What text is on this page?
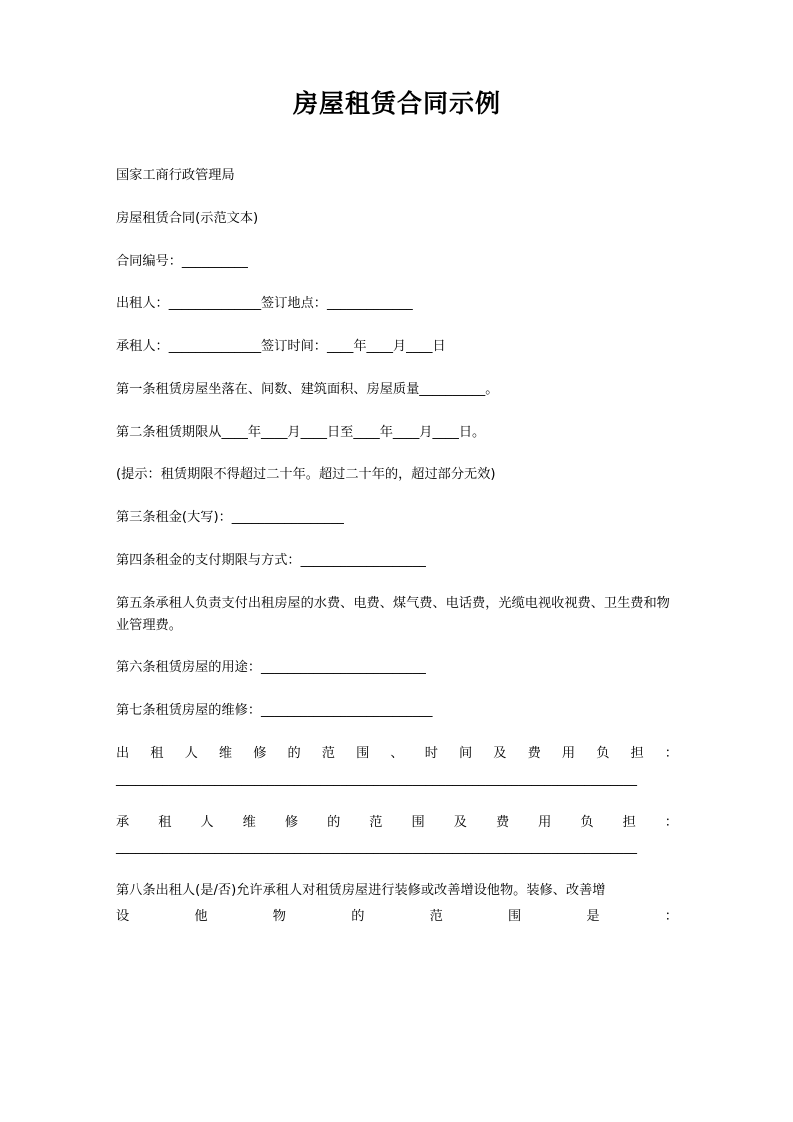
房屋租赁合同示例

国家工商行政管理局

房屋租赁合同(示范文本)

合同编号：__________

出租人：______________签订地点：_____________

承租人：______________签订时间：____年____月____日

第一条租赁房屋坐落在、间数、建筑面积、房屋质量__________。

第二条租赁期限从____年____月____日至____年____月____日。

(提示：租赁期限不得超过二十年。超过二十年的，超过部分无效)

第三条租金(大写)：_________________

第四条租金的支付期限与方式：___________________

第五条承租人负责支付出租房屋的水费、电费、煤气费、电话费，光缆电视收视费、卫生费和物业管理费。

第六条租赁房屋的用途：_________________________

第七条租赁房屋的维修：__________________________

出租人维修的范围、时间及费用负担：

_______________________________________________________________________________

承租人维修的范围及费用负担：

_______________________________________________________________________________

第八条出租人(是/否)允许承租人对租赁房屋进行装修或改善增设他物。装修、改善增

设他物的范围是：
